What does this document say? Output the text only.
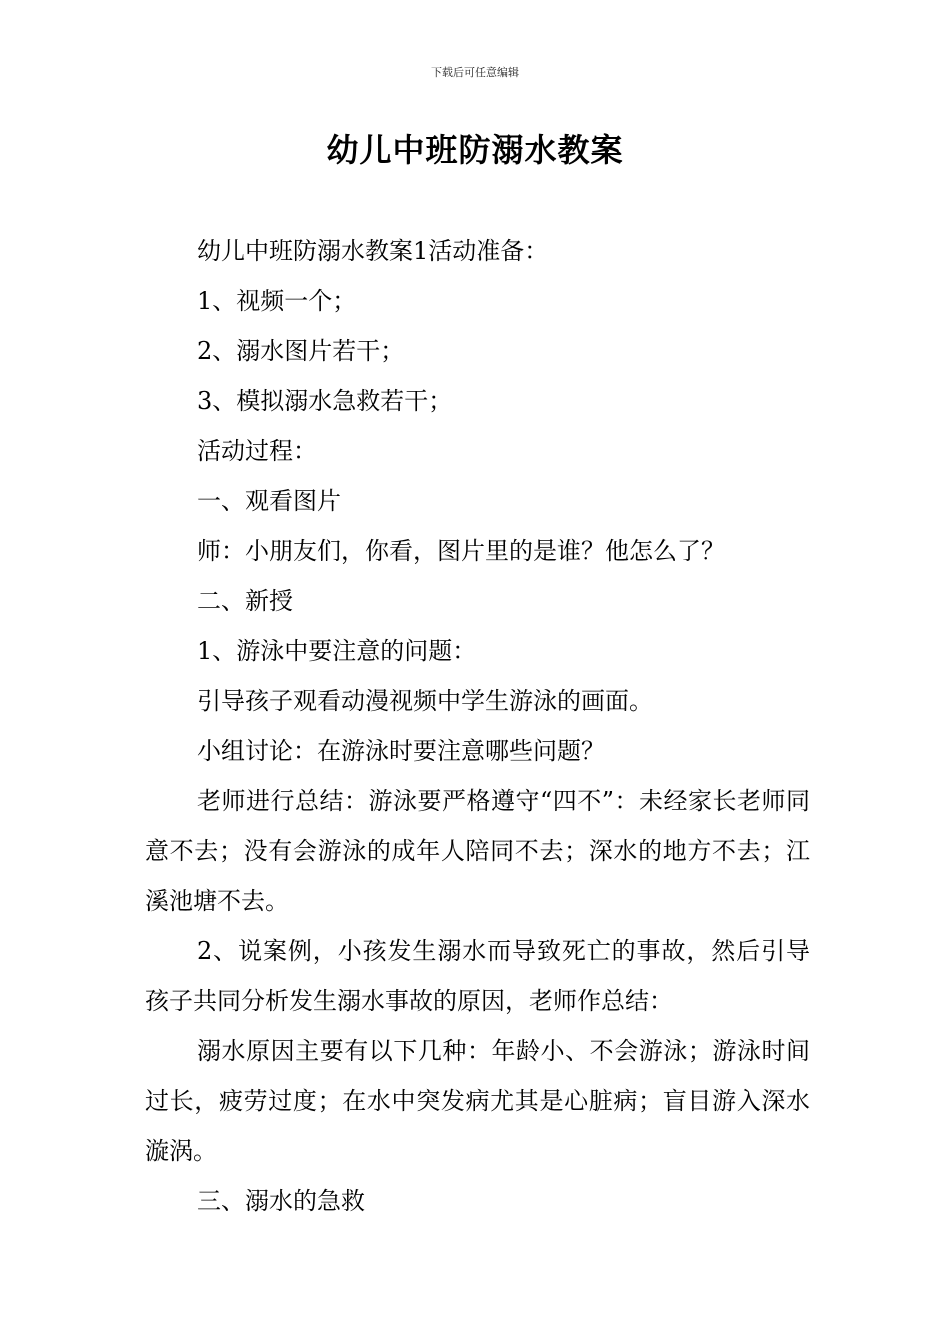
下载后可任意编辑
幼儿中班防溺水教案

幼儿中班防溺水教案1活动准备：

1、视频一个；

2、溺水图片若干；

3、模拟溺水急救若干；

活动过程：

一、观看图片

师：小朋友们，你看，图片里的是谁？他怎么了？

二、新授

1、游泳中要注意的问题：

引导孩子观看动漫视频中学生游泳的画面。

小组讨论：在游泳时要注意哪些问题？

老师进行总结：游泳要严格遵守“四不”：未经家长老师同意不去；没有会游泳的成年人陪同不去；深水的地方不去；江溪池塘不去。

2、说案例，小孩发生溺水而导致死亡的事故，然后引导孩子共同分析发生溺水事故的原因，老师作总结：

溺水原因主要有以下几种：年龄小、不会游泳；游泳时间过长，疲劳过度；在水中突发病尤其是心脏病；盲目游入深水漩涡。

三、溺水的急救
